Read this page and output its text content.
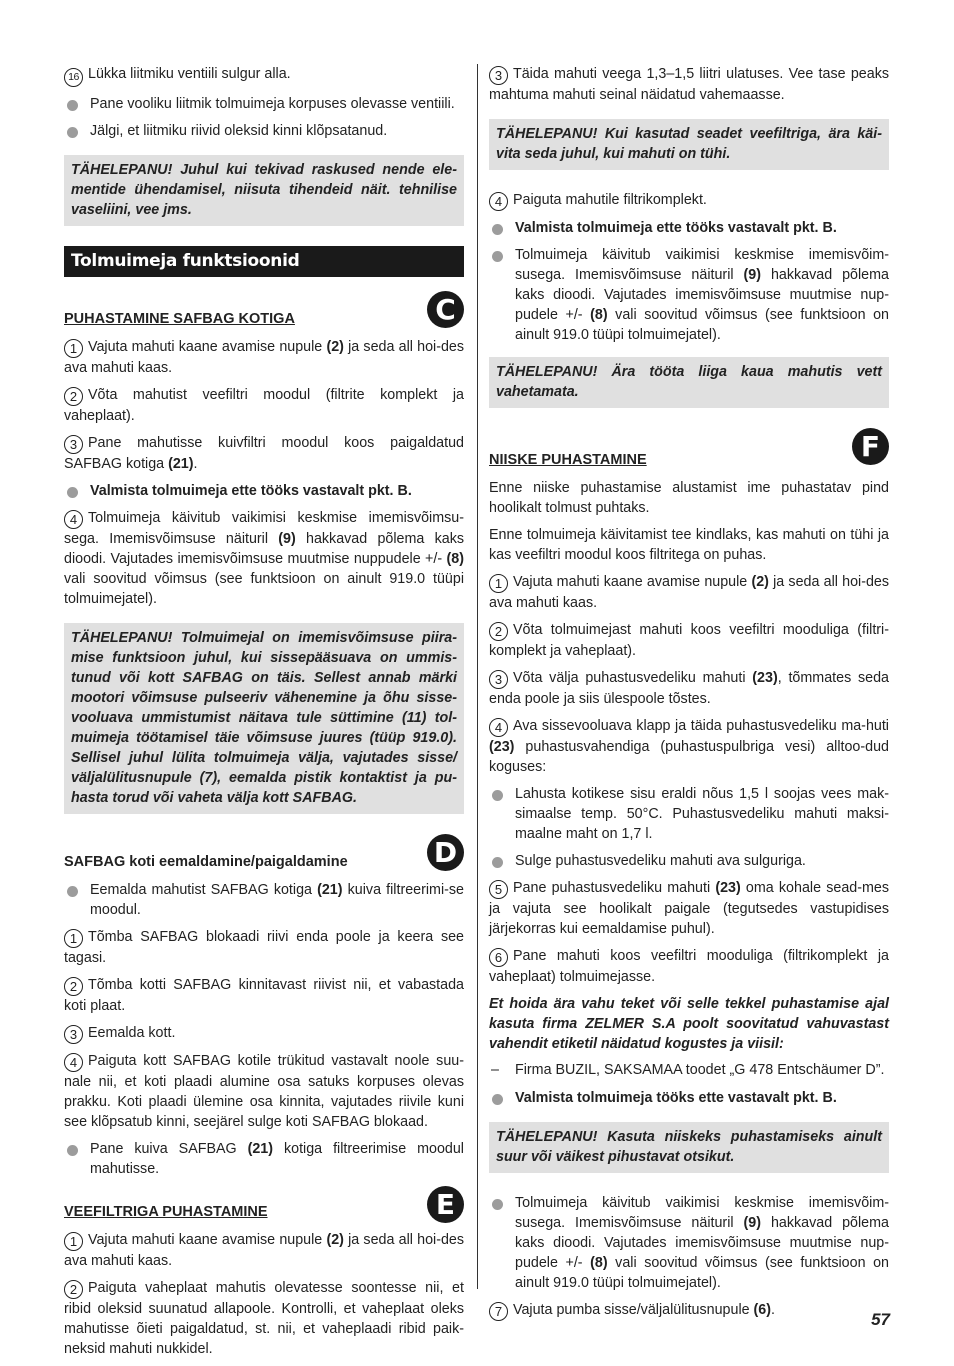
16 Lükka liitmiku ventiili sulgur alla.
Pane vooliku liitmik tolmuimeja korpuses olevasse ventiili.
Jälgi, et liitmiku riivid oleksid kinni klõpsatanud.
TÄHELEPANU! Juhul kui tekivad raskused nende ele-mentide ühendamisel, niisuta tihendeid näit. tehnilise vaseliini, vee jms.
Tolmuimeja funktsioonid
PUHASTAMINE SAFBAG KOTIGA	C
1 Vajuta mahuti kaane avamise nupule (2) ja seda all hoi-des ava mahuti kaas.
2 Võta mahutist veefiltri moodul (filtrite komplekt ja vaheplaat).
3 Pane mahutisse kuivfiltri moodul koos paigaldatud SAFBAG kotiga (21).
Valmista tolmuimeja ette tööks vastavalt pkt. B.
4 Tolmuimeja käivitub vaikimisi keskmise imemisvõimsu-sega. Imemisvõimsuse näituril (9) hakkavad põlema kaks dioodi. Vajutades imemisvõimsuse muutmise nuppudele +/- (8) vali soovitud võimsus (see funktsioon on ainult 919.0 tüüpi tolmuimejatel).
TÄHELEPANU! Tolmuimejal on imemisvõimsuse piira-mise funktsioon juhul, kui sissepääsuava on ummis-tunud või kott SAFBAG on täis. Sellest annab märki mootori võimsuse pulseeriv vähenemine ja õhu sisse-vooluava ummistumist näitava tule süttimine (11) tol-muimeja töötamisel täie võimsuse juures (tüüp 919.0). Sellisel juhul lülita tolmuimeja välja, vajutades sisse/ väljalülitusnupule (7), eemalda pistik kontaktist ja pu-hasta torud või vaheta välja kott SAFBAG.
SAFBAG koti eemaldamine/paigaldamine	D
Eemalda mahutist SAFBAG kotiga (21) kuiva filtreerimi-se moodul.
1 Tõmba SAFBAG blokaadi riivi enda poole ja keera see tagasi.
2 Tõmba kotti SAFBAG kinnitavast riivist nii, et vabastada koti plaat.
3 Eemalda kott.
4 Paiguta kott SAFBAG kotile trükitud vastavalt noole suu-nale nii, et koti plaadi alumine osa satuks korpuses olevas prakku. Koti plaadi ülemine osa kinnita, vajutades riivile kuni see klõpsatub kinni, seejärel sulge koti SAFBAG blokaad.
Pane kuiva SAFBAG (21) kotiga filtreerimise moodul mahutisse.
VEEFILTRIGA PUHASTAMINE	E
1 Vajuta mahuti kaane avamise nupule (2) ja seda all hoi-des ava mahuti kaas.
2 Paiguta vaheplaat mahutis olevatesse soontesse nii, et ribid oleksid suunatud allapoole. Kontrolli, et vaheplaat oleks mahutisse õieti paigaldatud, st. nii, et vaheplaadi ribid paik-neksid mahuti nukkidel.
3 Täida mahuti veega 1,3–1,5 liitri ulatuses. Vee tase peaks mahtuma mahuti seinal näidatud vahemaasse.
TÄHELEPANU! Kui kasutad seadet veefiltriga, ära käi-vita seda juhul, kui mahuti on tühi.
4 Paiguta mahutile filtrikomplekt.
Valmista tolmuimeja ette tööks vastavalt pkt. B.
Tolmuimeja käivitub vaikimisi keskmise imemisvõim-susega. Imemisvõimsuse näituril (9) hakkavad põlema kaks dioodi. Vajutades imemisvõimsuse muutmise nup-pudele +/- (8) vali soovitud võimsus (see funktsioon on ainult 919.0 tüüpi tolmuimejatel).
TÄHELEPANU! Ära tööta liiga kaua mahutis vett vahetamata.
NIISKE PUHASTAMINE	F

Enne niiske puhastamise alustamist ime puhastatav pind hoolikalt tolmust puhtaks.

Enne tolmuimeja käivitamist tee kindlaks, kas mahuti on tühi ja kas veefiltri moodul koos filtritega on puhas.

1 Vajuta mahuti kaane avamise nupule (2) ja seda all hoi-des ava mahuti kaas.
2 Võta tolmuimejast mahuti koos veefiltri mooduliga (filtri-komplekt ja vaheplaat).
3 Võta välja puhastusvedeliku mahuti (23), tõmmates seda enda poole ja siis ülespoole tõstes.
4 Ava sissevooluava klapp ja täida puhastusvedeliku ma-huti (23) puhastusvahendiga (puhastuspulbriga vesi) alltoo-dud koguses:
Lahusta kotikese sisu eraldi nõus 1,5 l soojas vees mak-simaalse temp. 50°C. Puhastusvedeliku mahuti maksi-maalne maht on 1,7 l.
Sulge puhastusvedeliku mahuti ava sulguriga.
5 Pane puhastusvedeliku mahuti (23) oma kohale sead-mes ja vajuta see hoolikalt paigale (tegutsedes vastupidises järjekorras kui eemaldamise puhul).
6 Pane mahuti koos veefiltri mooduliga (filtrikomplekt ja vaheplaat) tolmuimejasse.
Et hoida ära vahu teket või selle tekkel puhastamise ajal kasuta firma ZELMER S.A poolt soovitatud vahuvastast vahendit etiketil näidatud kogustes ja viisil:
– Firma BUZIL, SAKSAMAA toodet „G 478 Entschäumer D”.
Valmista tolmuimeja tööks ette vastavalt pkt. B.
TÄHELEPANU! Kasuta niiskeks puhastamiseks ainult suur või väikest pihustavat otsikut.
Tolmuimeja käivitub vaikimisi keskmise imemisvõim-susega. Imemisvõimsuse näituril (9) hakkavad põlema kaks dioodi. Vajutades imemisvõimsuse muutmise nup-pudele +/- (8) vali soovitud võimsus (see funktsioon on ainult 919.0 tüüpi tolmuimejatel).
7 Vajuta pumba sisse/väljalülitusnupule (6).	57
